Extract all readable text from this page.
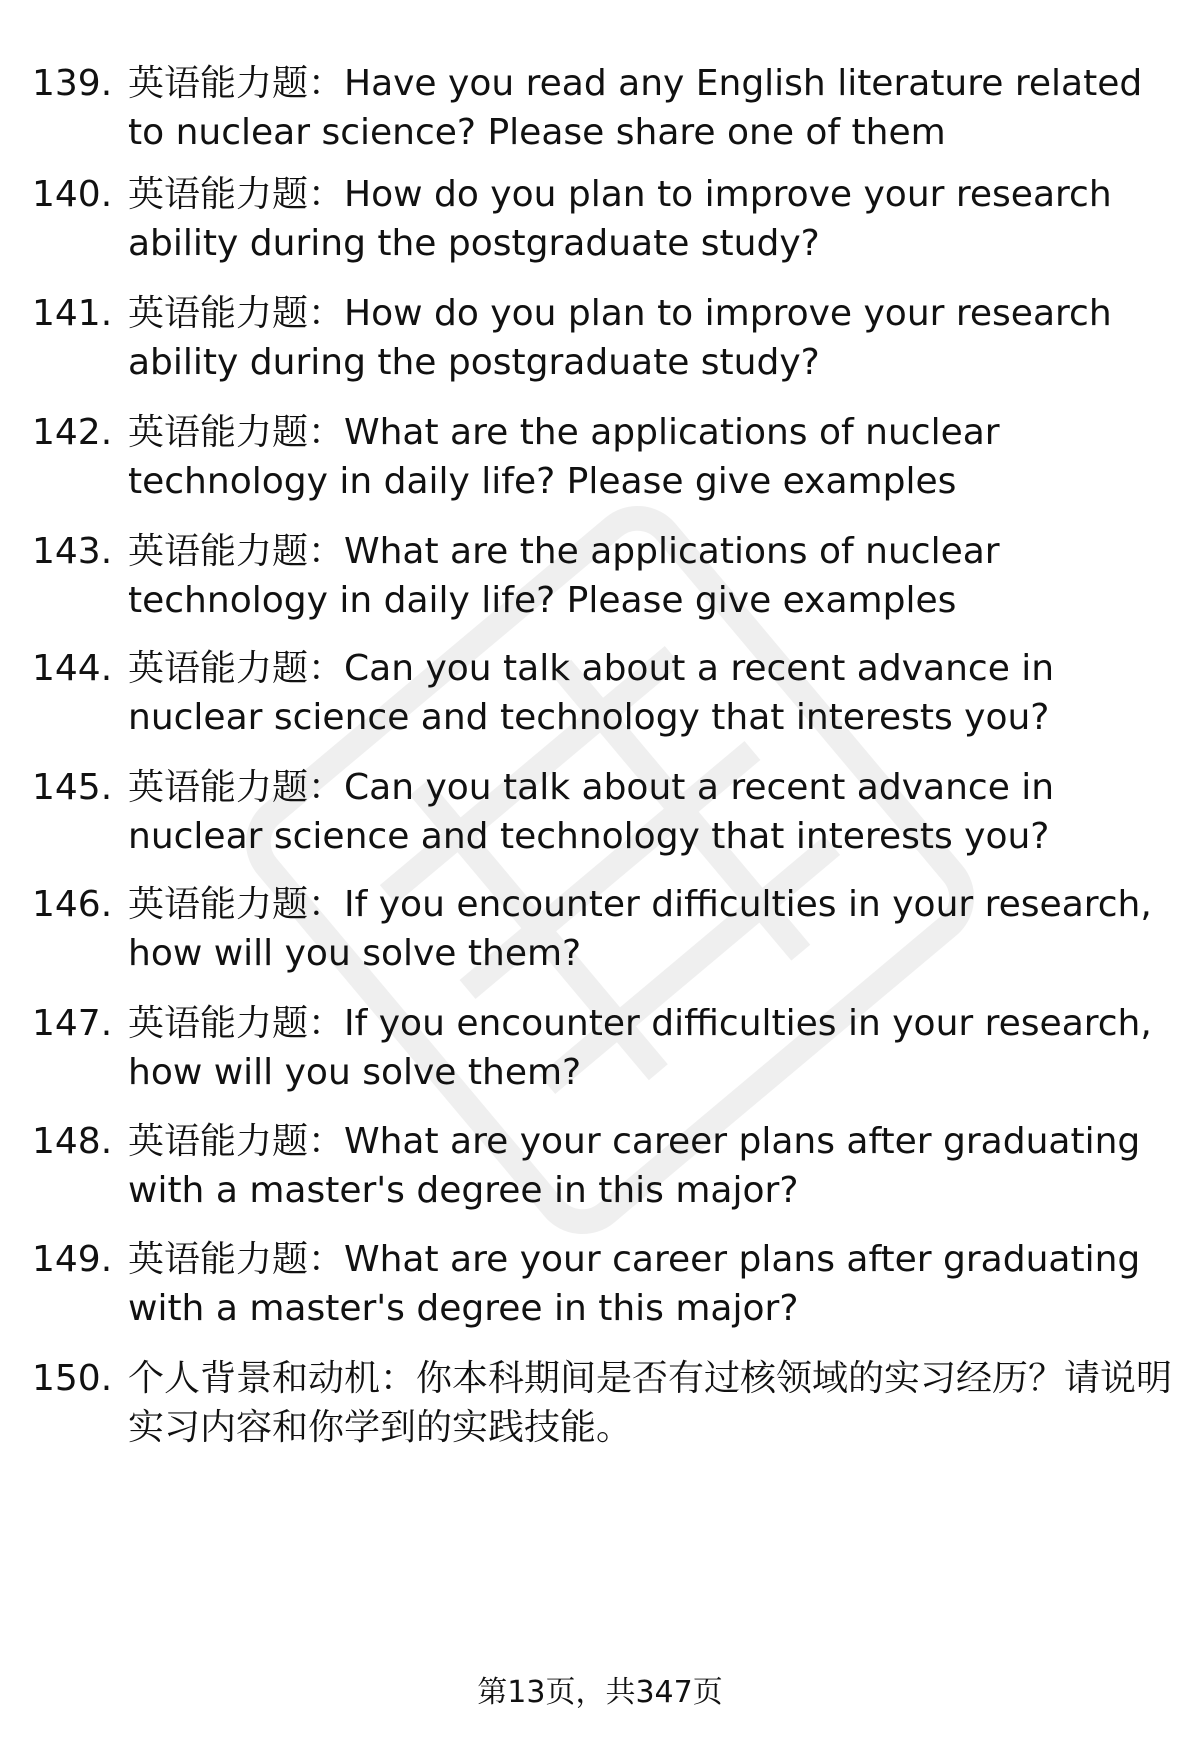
139. 英语能力题：Have you read any English literature related to nuclear science? Please share one of them
140. 英语能力题：How do you plan to improve your research ability during the postgraduate study?
141. 英语能力题：How do you plan to improve your research ability during the postgraduate study?
142. 英语能力题：What are the applications of nuclear technology in daily life? Please give examples
143. 英语能力题：What are the applications of nuclear technology in daily life? Please give examples
144. 英语能力题：Can you talk about a recent advance in nuclear science and technology that interests you?
145. 英语能力题：Can you talk about a recent advance in nuclear science and technology that interests you?
146. 英语能力题：If you encounter difficulties in your research, how will you solve them?
147. 英语能力题：If you encounter difficulties in your research, how will you solve them?
148. 英语能力题：What are your career plans after graduating with a master's degree in this major?
149. 英语能力题：What are your career plans after graduating with a master's degree in this major?
150. 个人背景和动机：你本科期间是否有过核领域的实习经历？请说明实习内容和你学到的实践技能。
第13页，共347页
